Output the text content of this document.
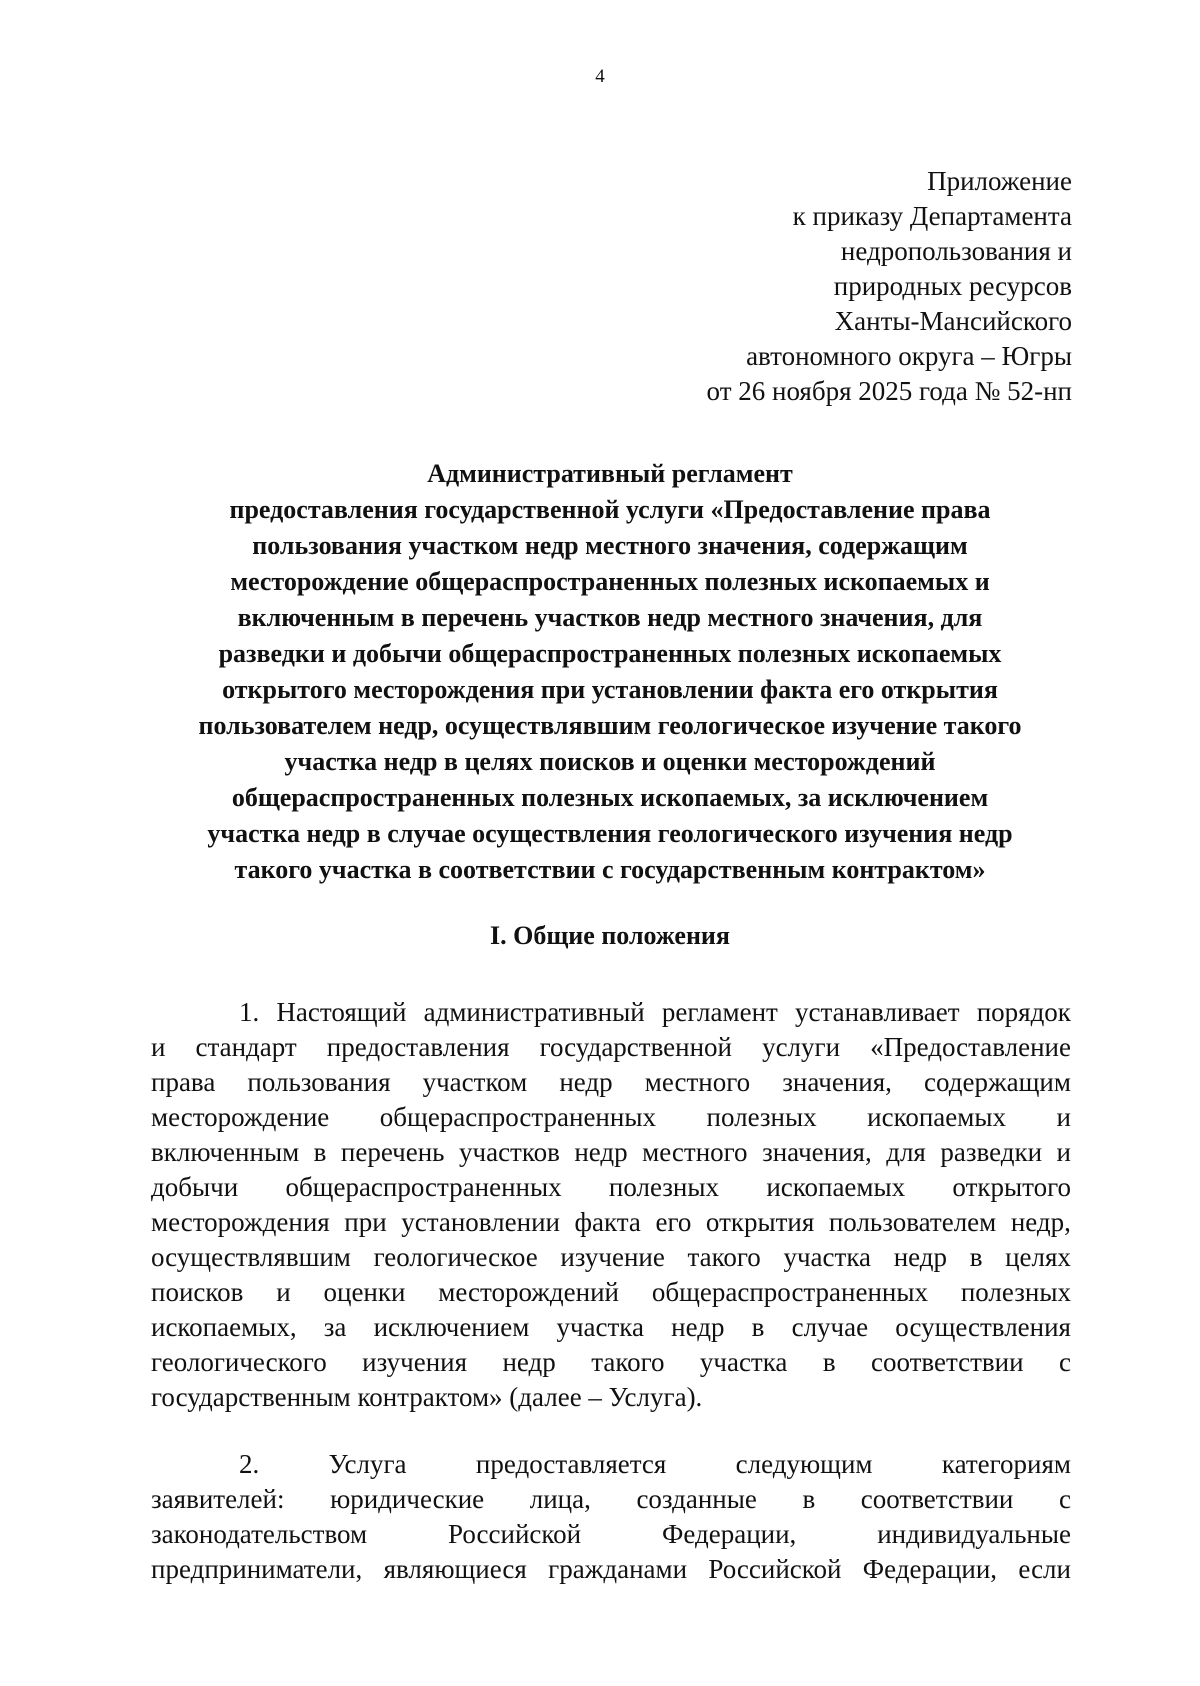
4
Приложение
к приказу Департамента
недропользования и
природных ресурсов
Ханты-Мансийского
автономного округа – Югры
от 26 ноября 2025 года № 52-нп
Административный регламент
предоставления государственной услуги «Предоставление права
пользования участком недр местного значения, содержащим
месторождение общераспространенных полезных ископаемых и
включенным в перечень участков недр местного значения, для
разведки и добычи общераспространенных полезных ископаемых
открытого месторождения при установлении факта его открытия
пользователем недр, осуществлявшим геологическое изучение такого
участка недр в целях поисков и оценки месторождений
общераспространенных полезных ископаемых, за исключением
участка недр в случае осуществления геологического изучения недр
такого участка в соответствии с государственным контрактом»
I. Общие положения
1. Настоящий административный регламент устанавливает порядок
и стандарт предоставления государственной услуги «Предоставление
права пользования участком недр местного значения, содержащим
месторождение общераспространенных полезных ископаемых и
включенным в перечень участков недр местного значения, для разведки и
добычи общераспространенных полезных ископаемых открытого
месторождения при установлении факта его открытия пользователем недр,
осуществлявшим геологическое изучение такого участка недр в целях
поисков и оценки месторождений общераспространенных полезных
ископаемых, за исключением участка недр в случае осуществления
геологического изучения недр такого участка в соответствии с
государственным контрактом» (далее – Услуга).
2.	Услуга	предоставляется	следующим	категориям
заявителей: юридические лица, созданные в соответствии с
законодательством	Российской	Федерации,	индивидуальные
предприниматели, являющиеся гражданами Российской Федерации, если
